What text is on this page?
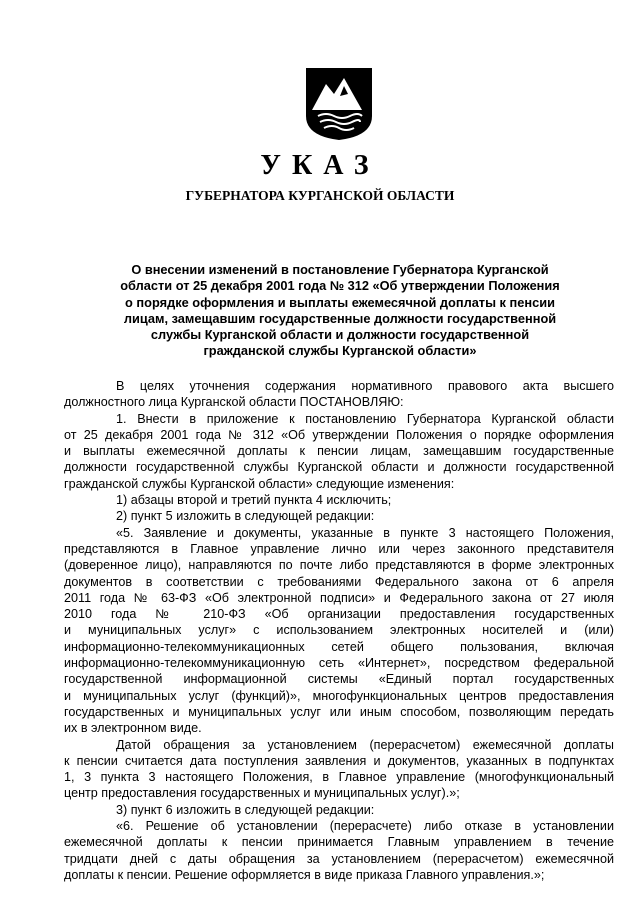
УКАЗ
ГУБЕРНАТОРА КУРГАНСКОЙ ОБЛАСТИ
О внесении изменений в постановление Губернатора Курганской
области от 25 декабря 2001 года № 312 «Об утверждении Положения
о порядке оформления и выплаты ежемесячной доплаты к пенсии
лицам, замещавшим государственные должности государственной
службы Курганской области и должности государственной
гражданской службы Курганской области»
В целях уточнения содержания нормативного правового акта высшего
должностного лица Курганской области ПОСТАНОВЛЯЮ:
1. Внести в приложение к постановлению Губернатора Курганской области
от 25 декабря 2001 года № 312 «Об утверждении Положения о порядке оформления
и выплаты ежемесячной доплаты к пенсии лицам, замещавшим государственные
должности государственной службы Курганской области и должности государственной
гражданской службы Курганской области» следующие изменения:
1) абзацы второй и третий пункта 4 исключить;
2) пункт 5 изложить в следующей редакции:
«5. Заявление и документы, указанные в пункте 3 настоящего Положения,
представляются в Главное управление лично или через законного представителя
(доверенное лицо), направляются по почте либо представляются в форме электронных
документов в соответствии с требованиями Федерального закона от 6 апреля
2011 года № 63-ФЗ «Об электронной подписи» и Федерального закона от 27 июля
2010 года № 210-ФЗ «Об организации предоставления государственных
и муниципальных услуг» с использованием электронных носителей и (или)
информационно-телекоммуникационных сетей общего пользования, включая
информационно-телекоммуникационную сеть «Интернет», посредством федеральной
государственной информационной системы «Единый портал государственных
и муниципальных услуг (функций)», многофункциональных центров предоставления
государственных и муниципальных услуг или иным способом, позволяющим передать
их в электронном виде.
Датой обращения за установлением (перерасчетом) ежемесячной доплаты
к пенсии считается дата поступления заявления и документов, указанных в подпунктах
1, 3 пункта 3 настоящего Положения, в Главное управление (многофункциональный
центр предоставления государственных и муниципальных услуг).»;
3) пункт 6 изложить в следующей редакции:
«6. Решение об установлении (перерасчете) либо отказе в установлении
ежемесячной доплаты к пенсии принимается Главным управлением в течение
тридцати дней с даты обращения за установлением (перерасчетом) ежемесячной
доплаты к пенсии. Решение оформляется в виде приказа Главного управления.»;
